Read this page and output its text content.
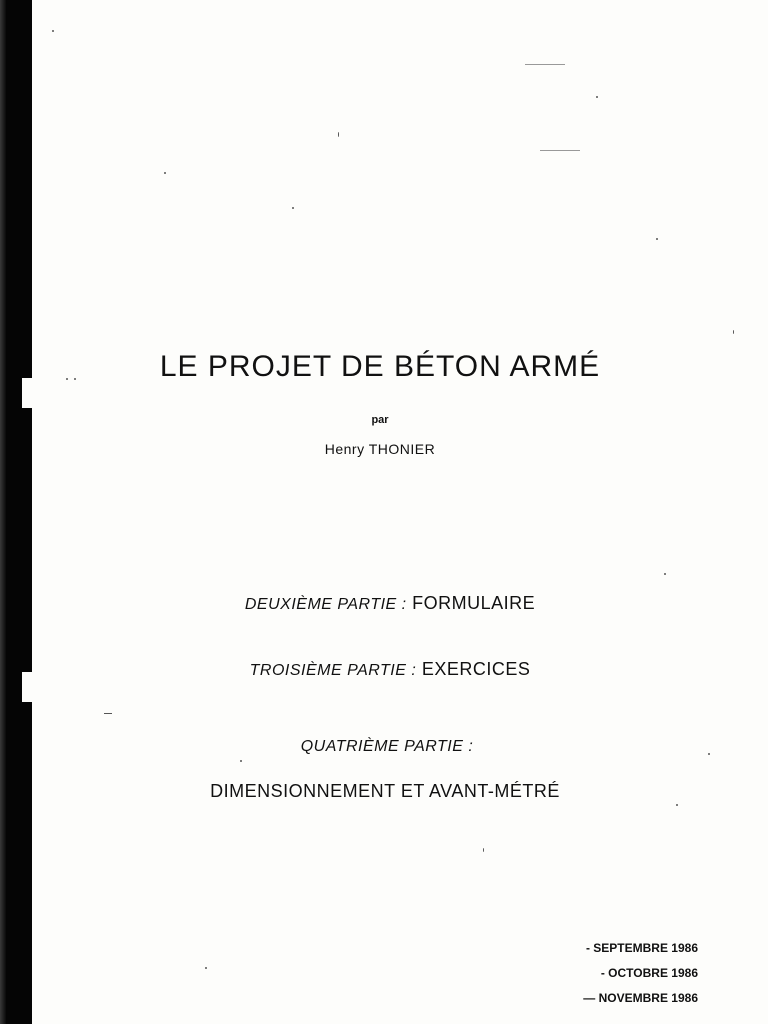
LE PROJET DE BÉTON ARMÉ
par
Henry THONIER
DEUXIÈME PARTIE : FORMULAIRE
TROISIÈME PARTIE : EXERCICES
QUATRIÈME PARTIE :
DIMENSIONNEMENT ET AVANT-MÉTRÉ
- SEPTEMBRE 1986
- OCTOBRE 1986
— NOVEMBRE 1986
